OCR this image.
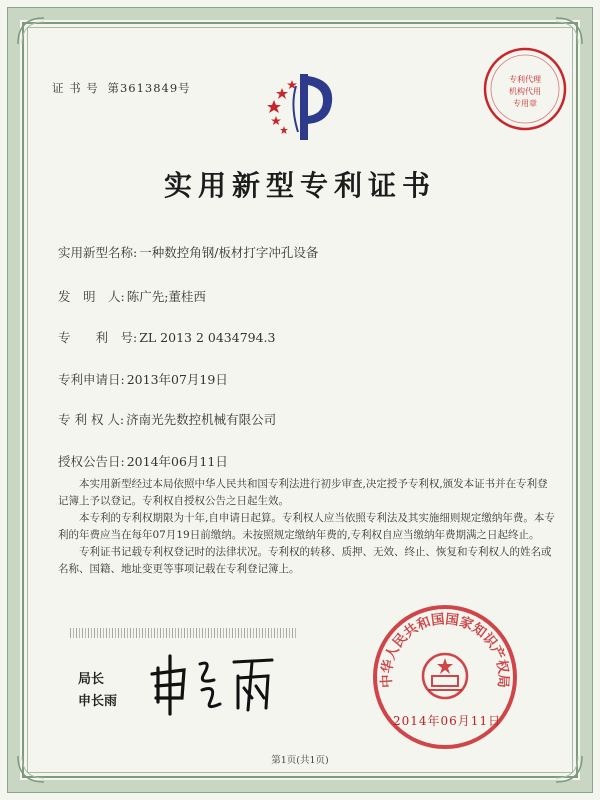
证 书 号 第3613849号
专利代理
机构代用
专用章
实用新型专利证书
实用新型名称: 一种数控角钢/板材打字冲孔设备
发　明　人: 陈广先;董桂西
专　　利　号: ZL 2013 2 0434794.3
专利申请日: 2013年07月19日
专 利 权 人: 济南光先数控机械有限公司
授权公告日: 2014年06月11日

本实用新型经过本局依照中华人民共和国专利法进行初步审查,决定授予专利权,颁发本证书并在专利登记簿上予以登记。专利权自授权公告之日起生效。

本专利的专利权期限为十年,自申请日起算。专利权人应当依照专利法及其实施细则规定缴纳年费。本专利的年费应当在每年07月19日前缴纳。未按照规定缴纳年费的,专利权自应当缴纳年费期满之日起终止。

专利证书记载专利权登记时的法律状况。专利权的转移、质押、无效、终止、恢复和专利权人的姓名或名称、国籍、地址变更等事项记载在专利登记簿上。

局长
申长雨
中华人民共和国国家知识产权局
2014年06月11日
第1页(共1页)
